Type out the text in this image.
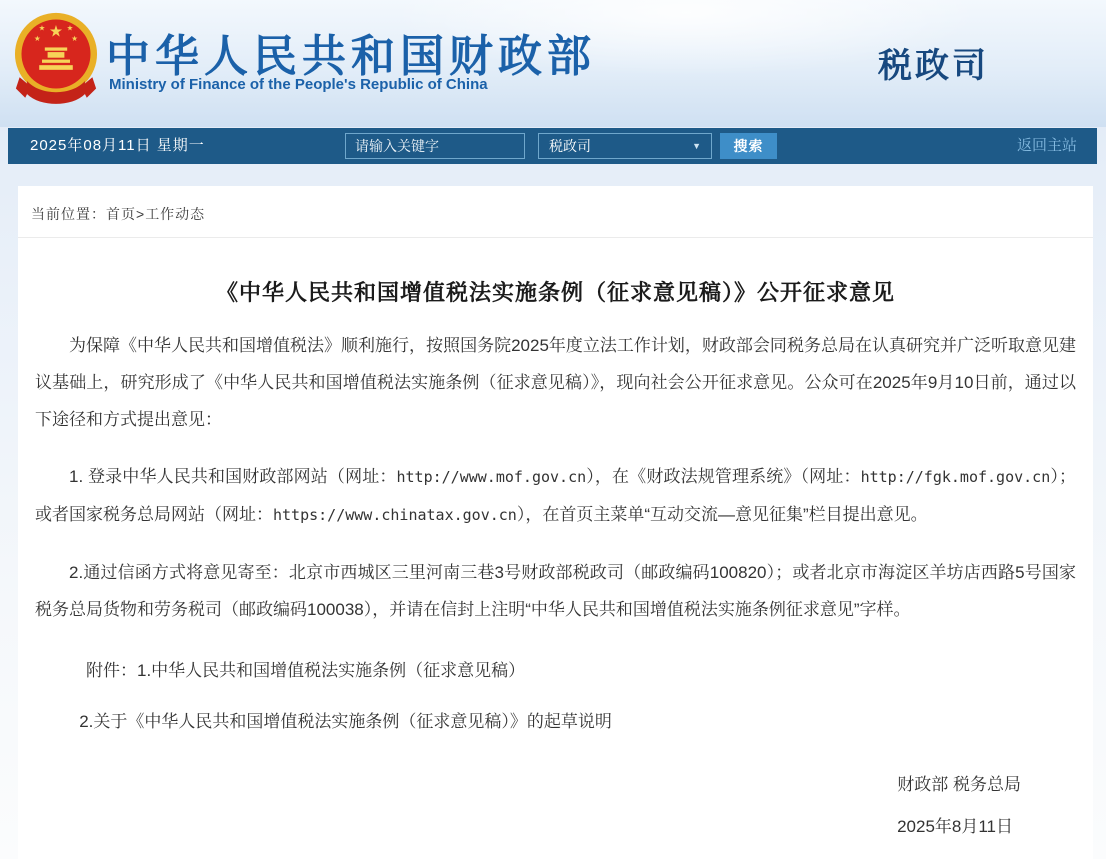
★
★	★
★	★ 中华人民共和国财政部
Ministry of Finance of the People's Republic of China	税政司
2025年08月11日 星期一
请输入关键字	税政司	▼	搜索	返回主站
当前位置：首页>工作动态
《中华人民共和国增值税法实施条例（征求意见稿）》公开征求意见

为保障《中华人民共和国增值税法》顺利施行，按照国务院2025年度立法工作计划，财政部会同税务总局在认真研究并广泛听取意见建议基础上，研究形成了《中华人民共和国增值税法实施条例（征求意见稿）》，现向社会公开征求意见。公众可在2025年9月10日前，通过以下途径和方式提出意见：

1. 登录中华人民共和国财政部网站（网址：http://www.mof.gov.cn），在《财政法规管理系统》（网址：http://fgk.mof.gov.cn）；或者国家税务总局网站（网址：https://www.chinatax.gov.cn），在首页主菜单“互动交流—意见征集”栏目提出意见。

2.通过信函方式将意见寄至：北京市西城区三里河南三巷3号财政部税政司（邮政编码100820）；或者北京市海淀区羊坊店西路5号国家税务总局货物和劳务税司（邮政编码100038），并请在信封上注明“中华人民共和国增值税法实施条例征求意见”字样。

附件：1.中华人民共和国增值税法实施条例（征求意见稿）

2.关于《中华人民共和国增值税法实施条例（征求意见稿）》的起草说明

财政部 税务总局

2025年8月11日
